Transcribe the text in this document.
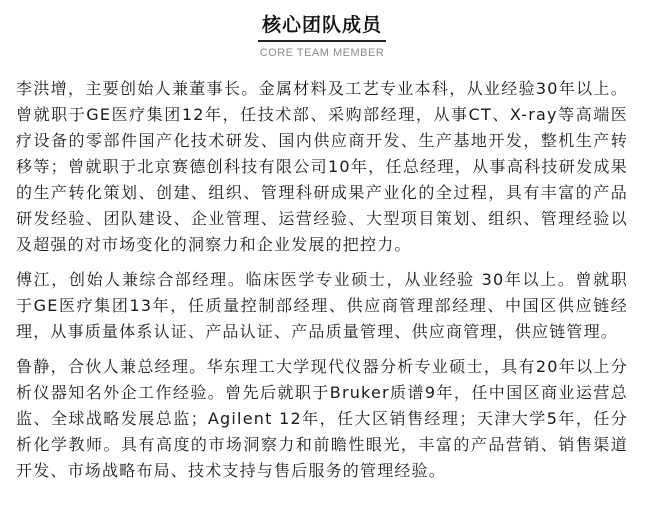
核心团队成员
CORE TEAM MEMBER

李洪增，主要创始人兼董事长。金属材料及工艺专业本科，从业经验30年以上。曾就职于GE医疗集团12年，任技术部、采购部经理，从事CT、X-ray等高端医疗设备的零部件国产化技术研发、国内供应商开发、生产基地开发，整机生产转移等；曾就职于北京赛德创科技有限公司10年，任总经理，从事高科技研发成果的生产转化策划、创建、组织、管理科研成果产业化的全过程，具有丰富的产品研发经验、团队建设、企业管理、运营经验、大型项目策划、组织、管理经验以及超强的对市场变化的洞察力和企业发展的把控力。

傅江，创始人兼综合部经理。临床医学专业硕士，从业经验 30年以上。曾就职于GE医疗集团13年，任质量控制部经理、供应商管理部经理、中国区供应链经理，从事质量体系认证、产品认证、产品质量管理、供应商管理，供应链管理。

鲁静，合伙人兼总经理。华东理工大学现代仪器分析专业硕士，具有20年以上分析仪器知名外企工作经验。曾先后就职于Bruker质谱9年，任中国区商业运营总监、全球战略发展总监；Agilent 12年，任大区销售经理；天津大学5年，任分析化学教师。具有高度的市场洞察力和前瞻性眼光，丰富的产品营销、销售渠道开发、市场战略布局、技术支持与售后服务的管理经验。
